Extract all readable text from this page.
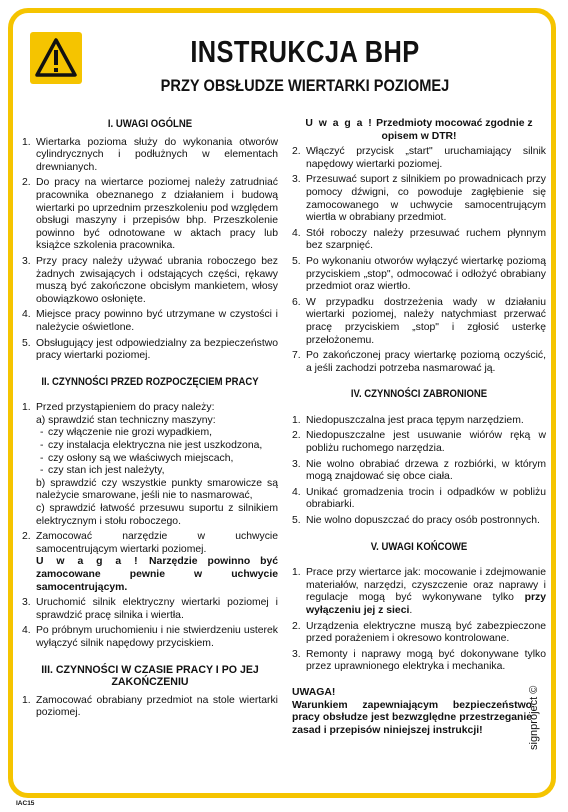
INSTRUKCJA BHP
PRZY OBSŁUDZE WIERTARKI POZIOMEJ
I. UWAGI OGÓLNE
1. Wiertarka pozioma służy do wykonania otworów cylindrycznych i podłużnych w elementach drewnianych.
2. Do pracy na wiertarce poziomej należy zatrudniać pracownika obeznanego z działaniem i budową wiertarki po uprzednim przeszkoleniu pod względem obsługi maszyny i przepisów bhp. Przeszkolenie powinno być odnotowane w aktach pracy lub książce szkolenia pracownika.
3. Przy pracy należy używać ubrania roboczego bez żadnych zwisających i odstających części, rękawy muszą być zakończone obcisłym mankietem, włosy obowiązkowo osłonięte.
4. Miejsce pracy powinno być utrzymane w czystości i należycie oświetlone.
5. Obsługujący jest odpowiedzialny za bezpieczeństwo pracy wiertarki poziomej.
II. CZYNNOŚCI PRZED ROZPOCZĘCIEM PRACY
1. Przed przystąpieniem do pracy należy:
a) sprawdzić stan techniczny maszyny:
- czy włączenie nie grozi wypadkiem,
- czy instalacja elektryczna nie jest uszkodzona,
- czy osłony są we właściwych miejscach,
- czy stan ich jest należyty,
b) sprawdzić czy wszystkie punkty smarowicze są należycie smarowane, jeśli nie to nasmarować,
c) sprawdzić łatwość przesuwu suportu z silnikiem elektrycznym i stołu roboczego.
2. Zamocować narzędzie w uchwycie samocentrującym wiertarki poziomej.
U w a g a ! Narzędzie powinno być zamocowane pewnie w uchwycie samocentrującym.
3. Uruchomić silnik elektryczny wiertarki poziomej i sprawdzić pracę silnika i wiertła.
4. Po próbnym uruchomieniu i nie stwierdzeniu usterek wyłączyć silnik napędowy przyciskiem.
III. CZYNNOŚCI W CZASIE PRACY I PO JEJ
ZAKOŃCZENIU
1. Zamocować obrabiany przedmiot na stole wiertarki poziomej.

U w a g a ! Przedmioty mocować zgodnie z opisem w DTR!

2. Włączyć przycisk „start" uruchamiający silnik napędowy wiertarki poziomej.
3. Przesuwać suport z silnikiem po prowadnicach przy pomocy dźwigni, co powoduje zagłębienie się zamocowanego w uchwycie samocentrującym wiertła w obrabiany przedmiot.
4. Stół roboczy należy przesuwać ruchem płynnym bez szarpnięć.
5. Po wykonaniu otworów wyłączyć wiertarkę poziomą przyciskiem „stop", odmocować i odłożyć obrabiany przedmiot oraz wiertło.
6. W przypadku dostrzeżenia wady w działaniu wiertarki poziomej, należy natychmiast przerwać pracę przyciskiem „stop" i zgłosić usterkę przełożonemu.
7. Po zakończonej pracy wiertarkę poziomą oczyścić, a jeśli zachodzi potrzeba nasmarować ją.
IV. CZYNNOŚCI ZABRONIONE
1. Niedopuszczalna jest praca tępym narzędziem.
2. Niedopuszczalne jest usuwanie wiórów ręką w pobliżu ruchomego narzędzia.
3. Nie wolno obrabiać drzewa z rozbiórki, w którym mogą znajdować się obce ciała.
4. Unikać gromadzenia trocin i odpadków w pobliżu obrabiarki.
5. Nie wolno dopuszczać do pracy osób postronnych.
V. UWAGI KOŃCOWE
1. Prace przy wiertarce jak: mocowanie i zdejmowanie materiałów, narzędzi, czyszczenie oraz naprawy i regulacje mogą być wykonywane tylko przy wyłączeniu jej z sieci.
2. Urządzenia elektryczne muszą być zabezpieczone przed porażeniem i okresowo kontrolowane.
3. Remonty i naprawy mogą być dokonywane tylko przez uprawnionego elektryka i mechanika.

UWAGA!

Warunkiem zapewniającym bezpieczeństwo pracy obsłudze jest bezwzględne przestrzeganie zasad i przepisów niniejszej instrukcji!	signproject ©
IAC15
